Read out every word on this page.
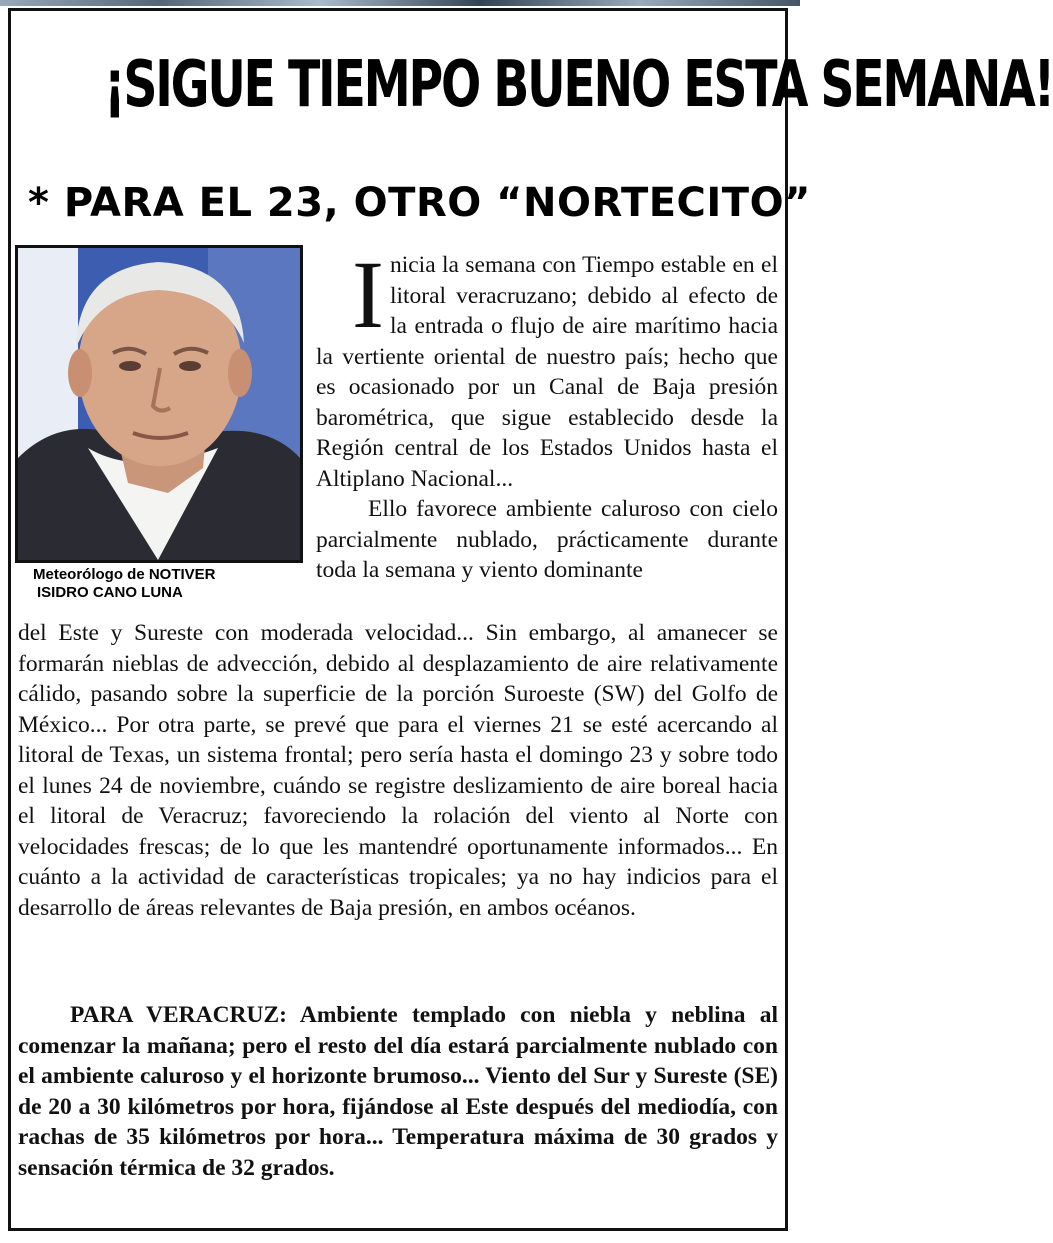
¡SIGUE TIEMPO BUENO ESTA SEMANA!
* PARA EL 23, OTRO “NORTECITO”
Meteorólogo de NOTIVER
ISIDRO CANO LUNA

Inicia la semana con Tiempo estable en el litoral veracruzano; debido al efecto de la entrada o flujo de aire marítimo hacia la vertiente oriental de nuestro país; hecho que es ocasionado por un Canal de Baja presión barométrica, que sigue establecido desde la Región central de los Estados Unidos hasta el Altiplano Nacional...

Ello favorece ambiente caluroso con cielo parcialmente nublado, prácticamente durante toda la semana y viento dominante

del Este y Sureste con moderada velocidad... Sin embargo, al amanecer se formarán nieblas de advección, debido al desplazamiento de aire relativamente cálido, pasando sobre la superficie de la porción Suroeste (SW) del Golfo de México... Por otra parte, se prevé que para el viernes 21 se esté acercando al litoral de Texas, un sistema frontal; pero sería hasta el domingo 23 y sobre todo el lunes 24 de noviembre, cuándo se registre deslizamiento de aire boreal hacia el litoral de Veracruz; favoreciendo la rolación del viento al Norte con velocidades frescas; de lo que les mantendré oportunamente informados... En cuánto a la actividad de características tropicales; ya no hay indicios para el desarrollo de áreas relevantes de Baja presión, en ambos océanos.
PARA VERACRUZ: Ambiente templado con niebla y neblina al comenzar la mañana; pero el resto del día estará parcialmente nublado con el ambiente caluroso y el horizonte brumoso... Viento del Sur y Sureste (SE) de 20 a 30 kilómetros por hora, fijándose al Este después del mediodía, con rachas de 35 kilómetros por hora... Temperatura máxima de 30 grados y sensación térmica de 32 grados.
